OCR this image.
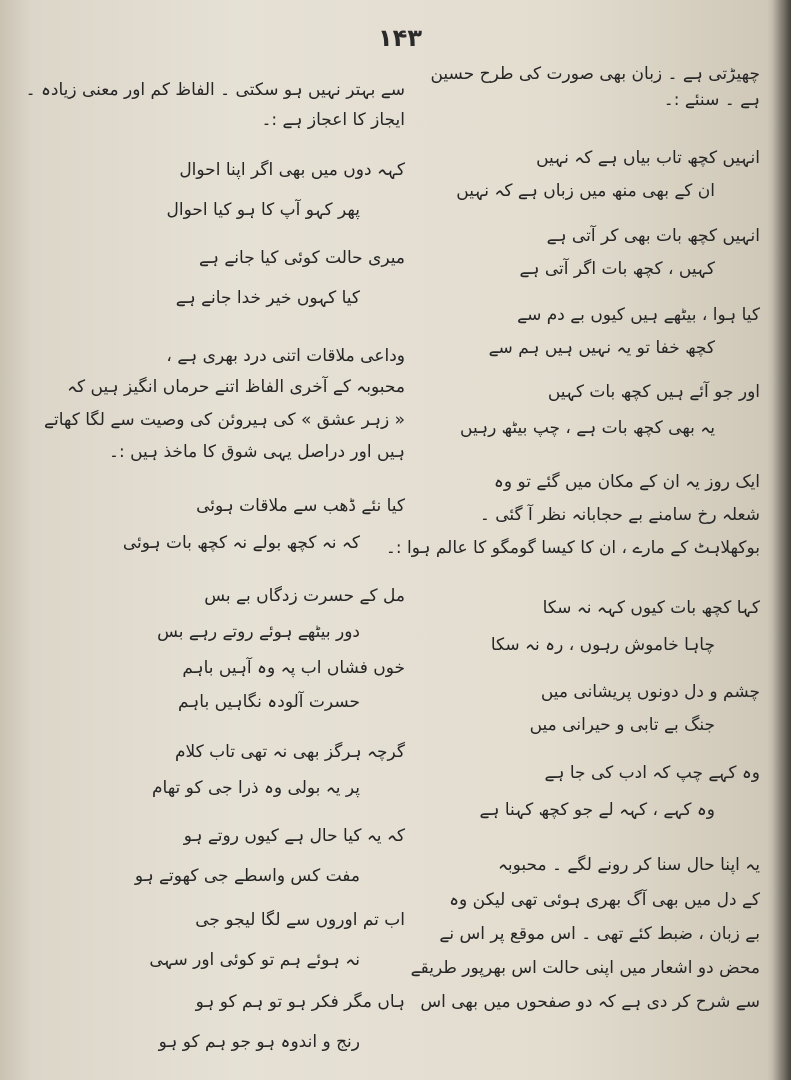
۱۴۳
چھیڑتی ہے ۔ زبان بھی صورت کی طرح حسین
ہے ۔ سنئے :۔
انہیں کچھ تاب بیاں ہے کہ نہیں
ان کے بھی منھ میں زباں ہے کہ نہیں
انہیں کچھ بات بھی کر آتی ہے
کہیں ، کچھ بات اگر آتی ہے
کیا ہوا ، بیٹھے ہیں کیوں بے دم سے
کچھ خفا تو یہ نہیں ہیں ہم سے
اور جو آئے ہیں کچھ بات کہیں
یہ بھی کچھ بات ہے ، چپ بیٹھ رہیں
ایک روز یہ ان کے مکان میں گئے تو وہ
شعلہ رخ سامنے بے حجابانہ نظر آ گئی ۔
بوکھلاہٹ کے مارے ، ان کا کیسا گومگو کا عالم ہوا :۔
کہا کچھ بات کیوں کہہ نہ سکا
چاہا خاموش رہوں ، رہ نہ سکا
چشم و دل دونوں پریشانی میں
جنگ بے تابی و حیرانی میں
وہ کہے چپ کہ ادب کی جا ہے
وہ کہے ، کہہ لے جو کچھ کہنا ہے
یہ اپنا حال سنا کر رونے لگے ۔ محبوبہ
کے دل میں بھی آگ بھری ہوئی تھی لیکن وہ
بے زبان ، ضبط کئے تھی ۔ اس موقع پر اس نے
محض دو اشعار میں اپنی حالت اس بھرپور طریقے
سے شرح کر دی ہے کہ دو صفحوں میں بھی اس
سے بہتر نہیں ہو سکتی ۔ الفاظ کم اور معنی زیادہ ۔
ایجاز کا اعجاز ہے :۔
کہہ دوں میں بھی اگر اپنا احوال
پھر کہو آپ کا ہو کیا احوال
میری حالت کوئی کیا جانے ہے
کیا کہوں خیر خدا جانے ہے
وداعی ملاقات اتنی درد بھری ہے ،
محبوبہ کے آخری الفاظ اتنے حرماں انگیز ہیں کہ
« زہر عشق » کی ہیروئن کی وصیت سے لگا کھاتے
ہیں اور دراصل یہی شوق کا ماخذ ہیں :۔
کیا نئے ڈھب سے ملاقات ہوئی
کہ نہ کچھ بولے نہ کچھ بات ہوئی
مل کے حسرت زدگاں بے بس
دور بیٹھے ہوئے روتے رہے بس
خوں فشاں اب پہ وہ آہیں باہم
حسرت آلودہ نگاہیں باہم
گرچہ ہرگز بھی نہ تھی تاب کلام
پر یہ بولی وہ ذرا جی کو تھام
کہ یہ کیا حال ہے کیوں روتے ہو
مفت کس واسطے جی کھوتے ہو
اب تم اوروں سے لگا لیجو جی
نہ ہوئے ہم تو کوئی اور سہی
ہاں مگر فکر ہو تو ہم کو ہو
رنج و اندوہ ہو جو ہم کو ہو
